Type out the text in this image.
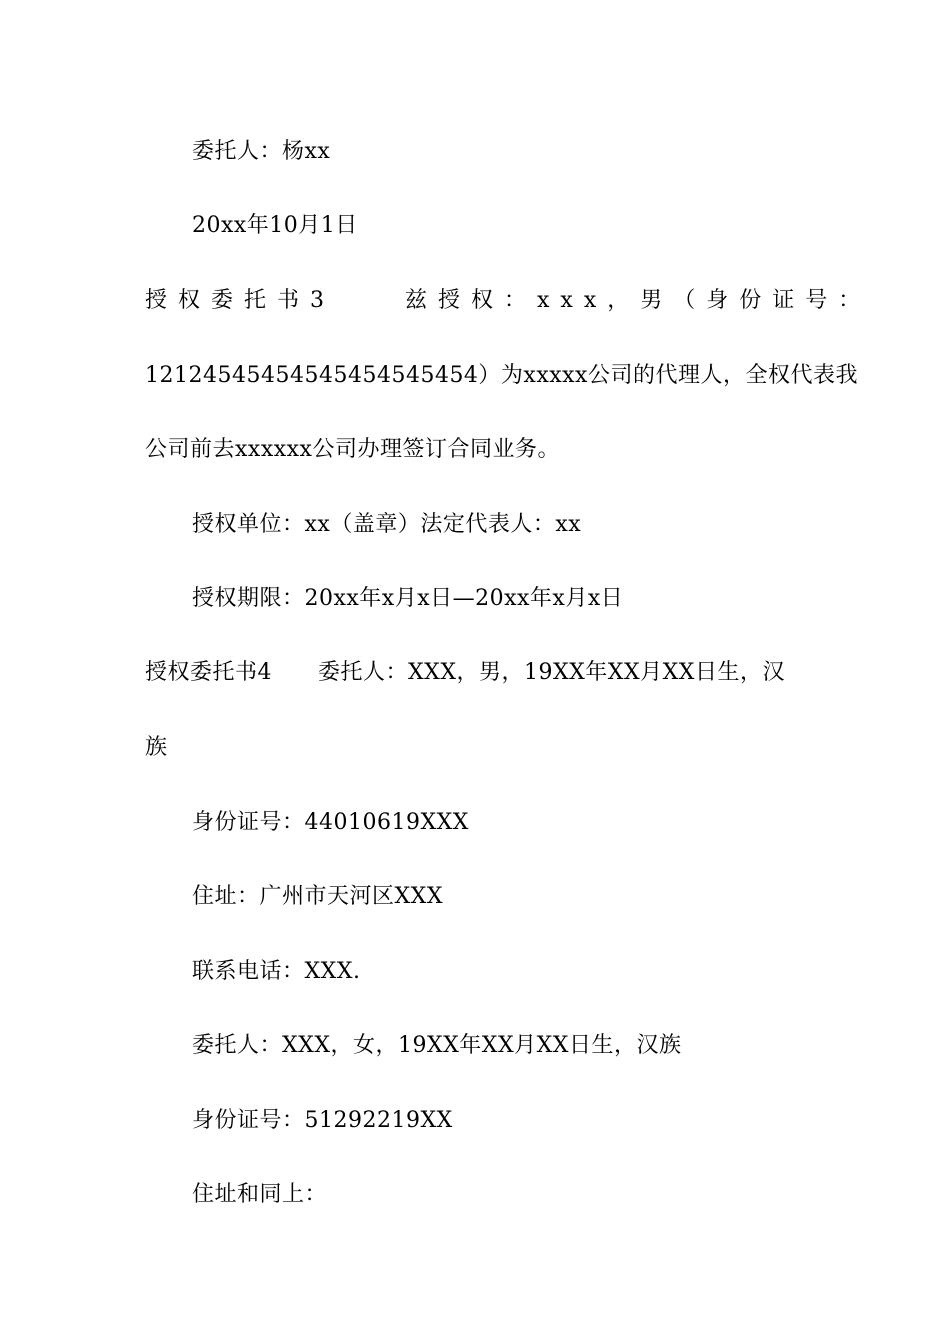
委托人：杨xx
20xx年10月1日
授权委托书3	兹授权：xxx，男（身份证号：
12124545454545454545454）为xxxxx公司的代理人，全权代表我
公司前去xxxxxx公司办理签订合同业务。
授权单位：xx（盖章）法定代表人：xx
授权期限：20xx年x月x日—20xx年x月x日
授权委托书4 委托人：XXX，男，19XX年XX月XX日生，汉
族
身份证号：44010619XXX
住址：广州市天河区XXX
联系电话：XXX.
委托人：XXX，女，19XX年XX月XX日生，汉族
身份证号：51292219XX
住址和同上：
